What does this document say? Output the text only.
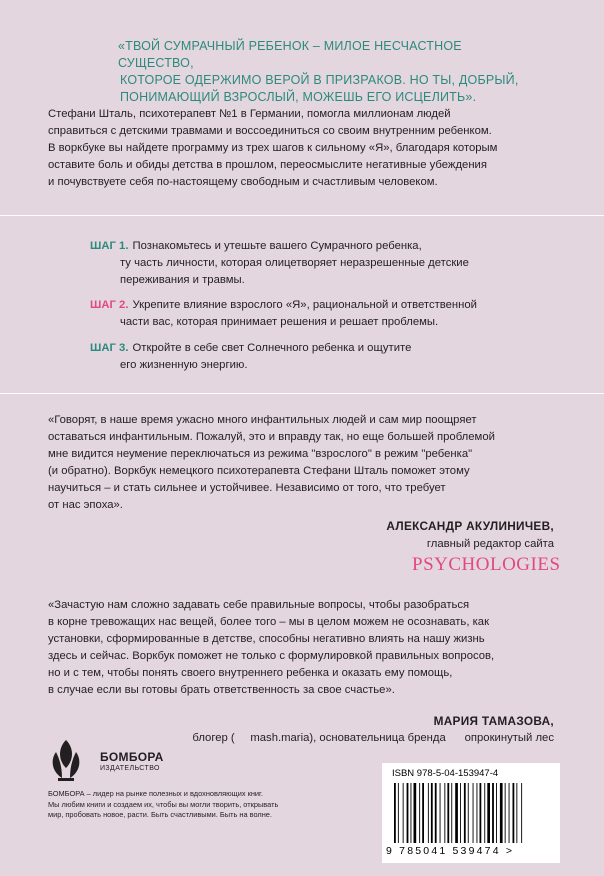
«ТВОЙ СУМРАЧНЫЙ РЕБЕНОК – МИЛОЕ НЕСЧАСТНОЕ СУЩЕСТВО,
КОТОРОЕ ОДЕРЖИМО ВЕРОЙ В ПРИЗРАКОВ. НО ТЫ, ДОБРЫЙ,
ПОНИМАЮЩИЙ ВЗРОСЛЫЙ, МОЖЕШЬ ЕГО ИСЦЕЛИТЬ».
Стефани Шталь, психотерапевт №1 в Германии, помогла миллионам людей
справиться с детскими травмами и воссоединиться со своим внутренним ребенком.
В воркбуке вы найдете программу из трех шагов к сильному «Я», благодаря которым
оставите боль и обиды детства в прошлом, переосмыслите негативные убеждения
и почувствуете себя по-настоящему свободным и счастливым человеком.
ШАГ 1. Познакомьтесь и утешьте вашего Сумрачного ребенка,
ту часть личности, которая олицетворяет неразрешенные детские
переживания и травмы.
ШАГ 2. Укрепите влияние взрослого «Я», рациональной и ответственной
части вас, которая принимает решения и решает проблемы.
ШАГ 3. Откройте в себе свет Солнечного ребенка и ощутите
его жизненную энергию.
«Говорят, в наше время ужасно много инфантильных людей и сам мир поощряет
оставаться инфантильным. Пожалуй, это и вправду так, но еще большей проблемой
мне видится неумение переключаться из режима "взрослого" в режим "ребенка"
(и обратно). Воркбук немецкого психотерапевта Стефани Шталь поможет этому
научиться – и стать сильнее и устойчивее. Независимо от того, что требует
от нас эпоха».
АЛЕКСАНДР АКУЛИНИЧЕВ,
главный редактор сайта
PSYCHOLOGIES
«Зачастую нам сложно задавать себе правильные вопросы, чтобы разобраться
в корне тревожащих нас вещей, более того – мы в целом можем не осознавать, как
установки, сформированные в детстве, способны негативно влиять на нашу жизнь
здесь и сейчас. Воркбук поможет не только с формулировкой правильных вопросов,
но и с тем, чтобы понять своего внутреннего ребенка и оказать ему помощь,
в случае если вы готовы брать ответственность за свое счастье».
МАРИЯ ТАМАЗОВА,
блогер (     mash.maria), основательница бренда      опрокинутый лес
БОМБОРА
ИЗДАТЕЛЬСТВО
БОМБОРА – лидер на рынке полезных и вдохновляющих книг.
Мы любим книги и создаем их, чтобы вы могли творить, открывать
мир, пробовать новое, расти. Быть счастливыми. Быть на волне.
ISBN 978-5-04-153947-4
9 785041 539474 >
